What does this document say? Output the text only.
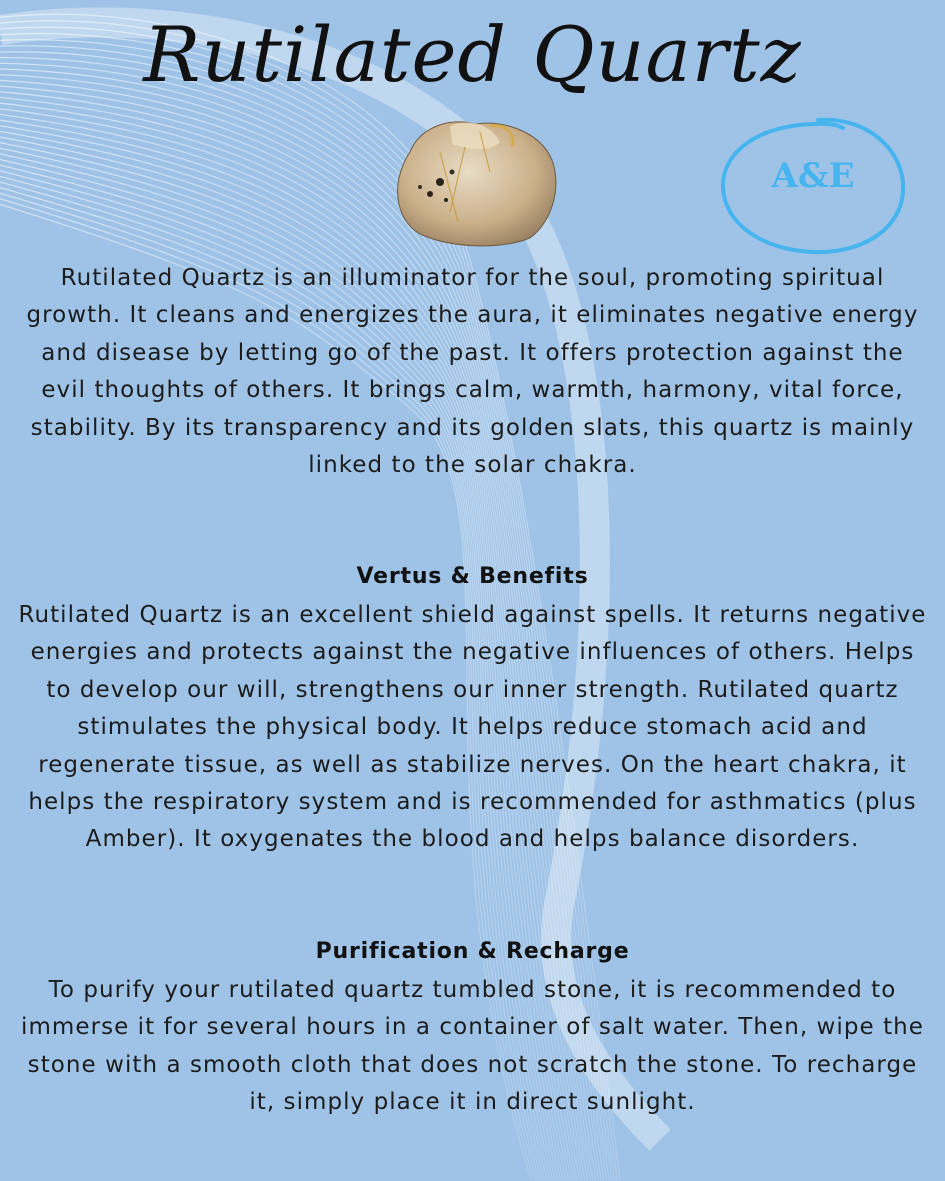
Rutilated Quartz
A&E

Rutilated Quartz is an illuminator for the soul, promoting spiritual growth. It cleans and energizes the aura, it eliminates negative energy and disease by letting go of the past. It offers protection against the evil thoughts of others. It brings calm, warmth, harmony, vital force, stability. By its transparency and its golden slats, this quartz is mainly linked to the solar chakra.

Vertus & Benefits

Rutilated Quartz is an excellent shield against spells. It returns negative energies and protects against the negative influences of others. Helps to develop our will, strengthens our inner strength. Rutilated quartz stimulates the physical body. It helps reduce stomach acid and regenerate tissue, as well as stabilize nerves. On the heart chakra, it helps the respiratory system and is recommended for asthmatics (plus Amber). It oxygenates the blood and helps balance disorders.

Purification & Recharge

To purify your rutilated quartz tumbled stone, it is recommended to immerse it for several hours in a container of salt water. Then, wipe the stone with a smooth cloth that does not scratch the stone. To recharge it, simply place it in direct sunlight.
